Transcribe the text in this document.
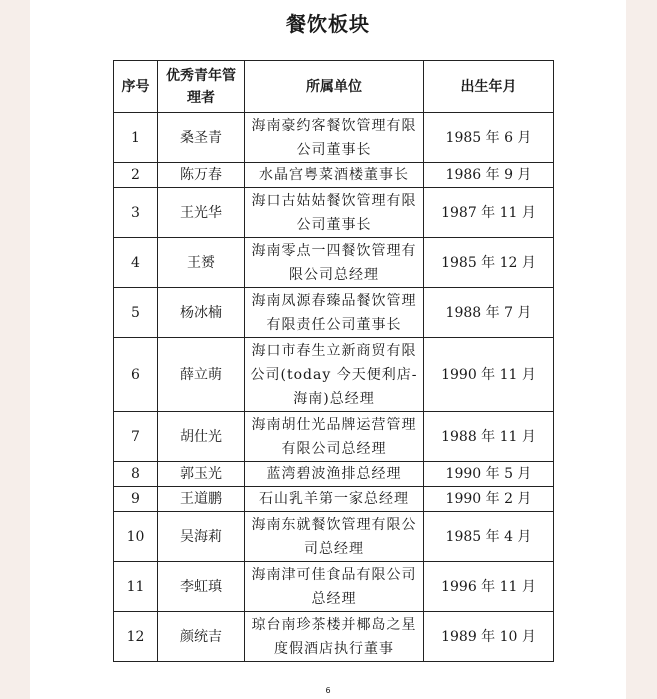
餐饮板块
序号	优秀青年管理者	所属单位	出生年月
1	桑圣青	海南豪约客餐饮管理有限公司董事长	1985 年 6 月
2	陈万春	水晶宫粤菜酒楼董事长	1986 年 9 月
3	王光华	海口古姑姑餐饮管理有限公司董事长	1987 年 11 月
4	王赟	海南零点一四餐饮管理有限公司总经理	1985 年 12 月
5	杨冰楠	海南凤源春臻品餐饮管理有限责任公司董事长	1988 年 7 月
6	薛立萌	海口市春生立新商贸有限公司(today 今天便利店-海南)总经理	1990 年 11 月
7	胡仕光	海南胡仕光品牌运营管理有限公司总经理	1988 年 11 月
8	郭玉光	蓝湾碧波渔排总经理	1990 年 5 月
9	王道鹏	石山乳羊第一家总经理	1990 年 2 月
10	吴海莉	海南东就餐饮管理有限公司总经理	1985 年 4 月
11	李虹瑱	海南津可佳食品有限公司总经理	1996 年 11 月
12	颜统吉	琼台南珍茶楼并椰岛之星度假酒店执行董事	1989 年 10 月
6
